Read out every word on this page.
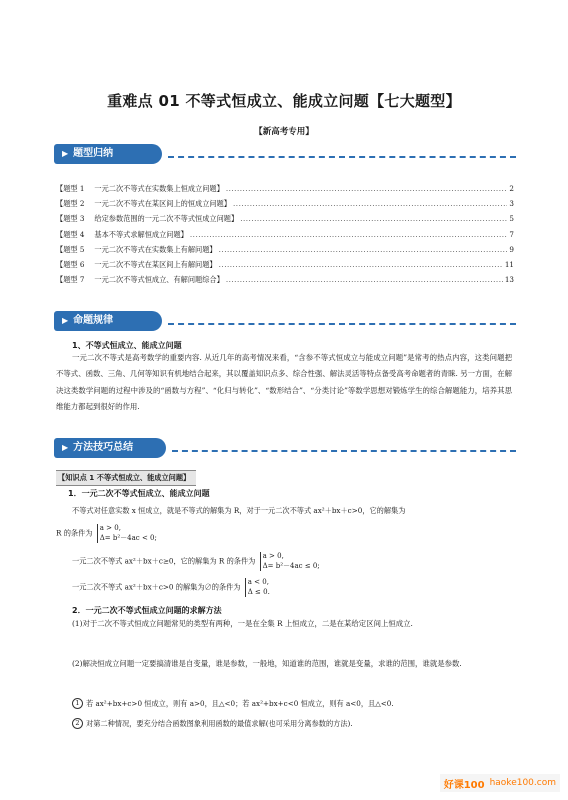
重难点 01 不等式恒成立、能成立问题【七大题型】
【新高考专用】
▶ 题型归纳
【题型 1 一元二次不等式在实数集上恒成立问题】 .....	2
【题型 2 一元二次不等式在某区间上的恒成立问题】 .....	3
【题型 3 给定参数范围的一元二次不等式恒成立问题】 .....	5
【题型 4 基本不等式求解恒成立问题】 .....	7
【题型 5 一元二次不等式在实数集上有解问题】 .....	9
【题型 6 一元二次不等式在某区间上有解问题】 .....	11
【题型 7 一元二次不等式恒成立、有解问题综合】 .....	13
▶ 命题规律
1、不等式恒成立、能成立问题
一元二次不等式是高考数学的重要内容. 从近几年的高考情况来看，“含参不等式恒成立与能成立问题”是常考的热点内容，这类问题把不等式、函数、三角、几何等知识有机地结合起来，其以覆盖知识点多、综合性强、解法灵活等特点备受高考命题者的青睐. 另一方面，在解决这类数学问题的过程中涉及的“函数与方程”、“化归与转化”、“数形结合”、“分类讨论”等数学思想对锻炼学生的综合解题能力，培养其思维能力都起到很好的作用.
▶ 方法技巧总结
【知识点 1 不等式恒成立、能成立问题】
1．一元二次不等式恒成立、能成立问题
不等式对任意实数 x 恒成立，就是不等式的解集为 R，对于一元二次不等式 ax²＋bx＋c>0，它的解集为
R 的条件为 a > 0,
Δ= b²－4ac < 0;
一元二次不等式 ax²＋bx＋c≥0，它的解集为 R 的条件为 a > 0,
Δ= b²－4ac ≤ 0;
一元二次不等式 ax²＋bx＋c>0 的解集为∅的条件为 a < 0,
Δ ≤ 0.
2．一元二次不等式恒成立问题的求解方法
(1)对于二次不等式恒成立问题常见的类型有两种，一是在全集 R 上恒成立，二是在某给定区间上恒成立.
(2)解决恒成立问题一定要搞清谁是自变量，谁是参数，一般地，知道谁的范围，谁就是变量，求谁的范围，谁就是参数.
1 若 ax²+bx+c>0 恒成立，则有 a>0，且△<0；若 ax²+bx+c<0 恒成立，则有 a<0，且△<0.
2 对第二种情况，要充分结合函数图象利用函数的最值求解(也可采用分离参数的方法).
好课100 haoke100.com
